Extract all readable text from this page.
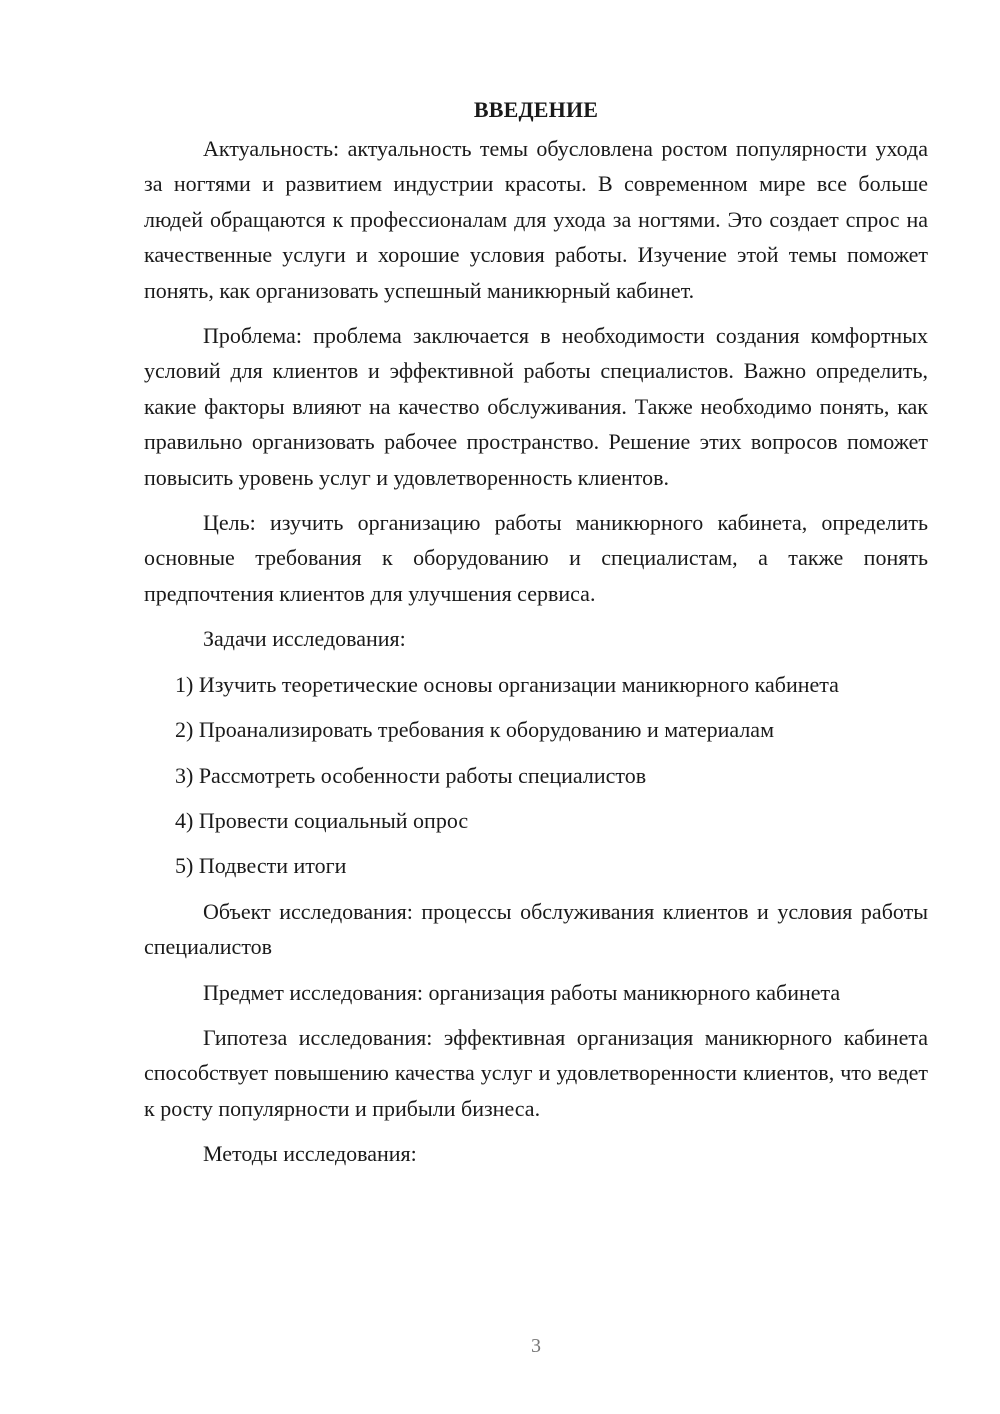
ВВЕДЕНИЕ

Актуальность: актуальность темы обусловлена ростом популярности ухода за ногтями и развитием индустрии красоты. В современном мире все больше людей обращаются к профессионалам для ухода за ногтями. Это создает спрос на качественные услуги и хорошие условия работы. Изучение этой темы поможет понять, как организовать успешный маникюрный кабинет.

Проблема: проблема заключается в необходимости создания комфортных условий для клиентов и эффективной работы специалистов. Важно определить, какие факторы влияют на качество обслуживания. Также необходимо понять, как правильно организовать рабочее пространство. Решение этих вопросов поможет повысить уровень услуг и удовлетворенность клиентов.

Цель: изучить организацию работы маникюрного кабинета, определить основные требования к оборудованию и специалистам, а также понять предпочтения клиентов для улучшения сервиса.

Задачи исследования:

1) Изучить теоретические основы организации маникюрного кабинета

2) Проанализировать требования к оборудованию и материалам

3) Рассмотреть особенности работы специалистов

4) Провести социальный опрос

5) Подвести итоги

Объект исследования: процессы обслуживания клиентов и условия работы специалистов

Предмет исследования: организация работы маникюрного кабинета

Гипотеза исследования: эффективная организация маникюрного кабинета способствует повышению качества услуг и удовлетворенности клиентов, что ведет к росту популярности и прибыли бизнеса.

Методы исследования:

3
